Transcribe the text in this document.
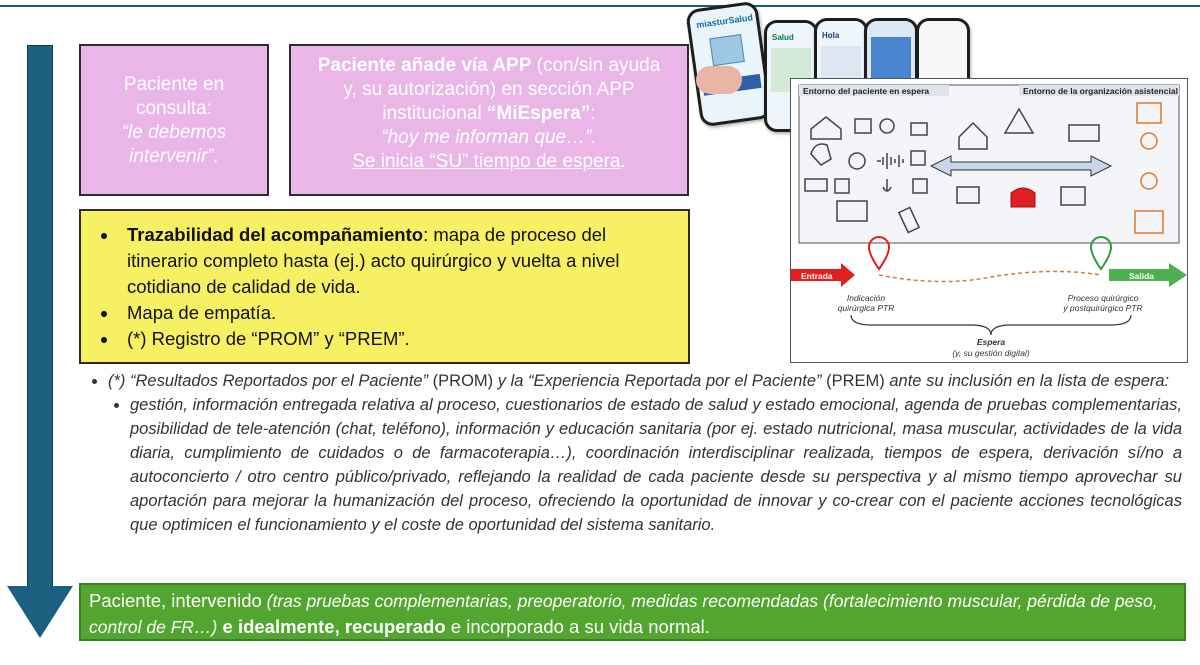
Paciente en
consulta:
“le debemos
intervenir”.
Paciente añade vía APP (con/sin ayuda
y, su autorización) en sección APP
institucional “MiEspera”:
“hoy me informan que…”.
Se inicia “SU” tiempo de espera.
• Trazabilidad del acompañamiento: mapa de proceso del itinerario completo hasta (ej.) acto quirúrgico y vuelta a nivel cotidiano de calidad de vida.
• Mapa de empatía.
• (*) Registro de “PROM” y “PREM”.
• (*) “Resultados Reportados por el Paciente” (PROM) y la “Experiencia Reportada por el Paciente” (PREM) ante su inclusión en la lista de espera:
• gestión, información entregada relativa al proceso, cuestionarios de estado de salud y estado emocional, agenda de pruebas complementarias, posibilidad de tele-atención (chat, teléfono), información y educación sanitaria (por ej. estado nutricional, masa muscular, actividades de la vida diaria, cumplimiento de cuidados o de farmacoterapia…), coordinación interdisciplinar realizada, tiempos de espera, derivación sí/no a autoconcierto / otro centro público/privado, reflejando la realidad de cada paciente desde su perspectiva y al mismo tiempo aprovechar su aportación para mejorar la humanización del proceso, ofreciendo la oportunidad de innovar y co-crear con el paciente acciones tecnológicas que optimicen el funcionamiento y el coste de oportunidad del sistema sanitario.
Paciente, intervenido (tras pruebas complementarias, preoperatorio, medidas recomendadas (fortalecimiento muscular, pérdida de peso, control de FR…) e idealmente, recuperado e incorporado a su vida normal.
miasturSalud
Salud	Hola
Entorno del paciente en espera	Entorno de la organización asistencial
Entrada	Salida
Indicación
quirúrgica PTR
Proceso quirúrgico
y postquirúrgico PTR
Espera
(y, su gestión digital)
